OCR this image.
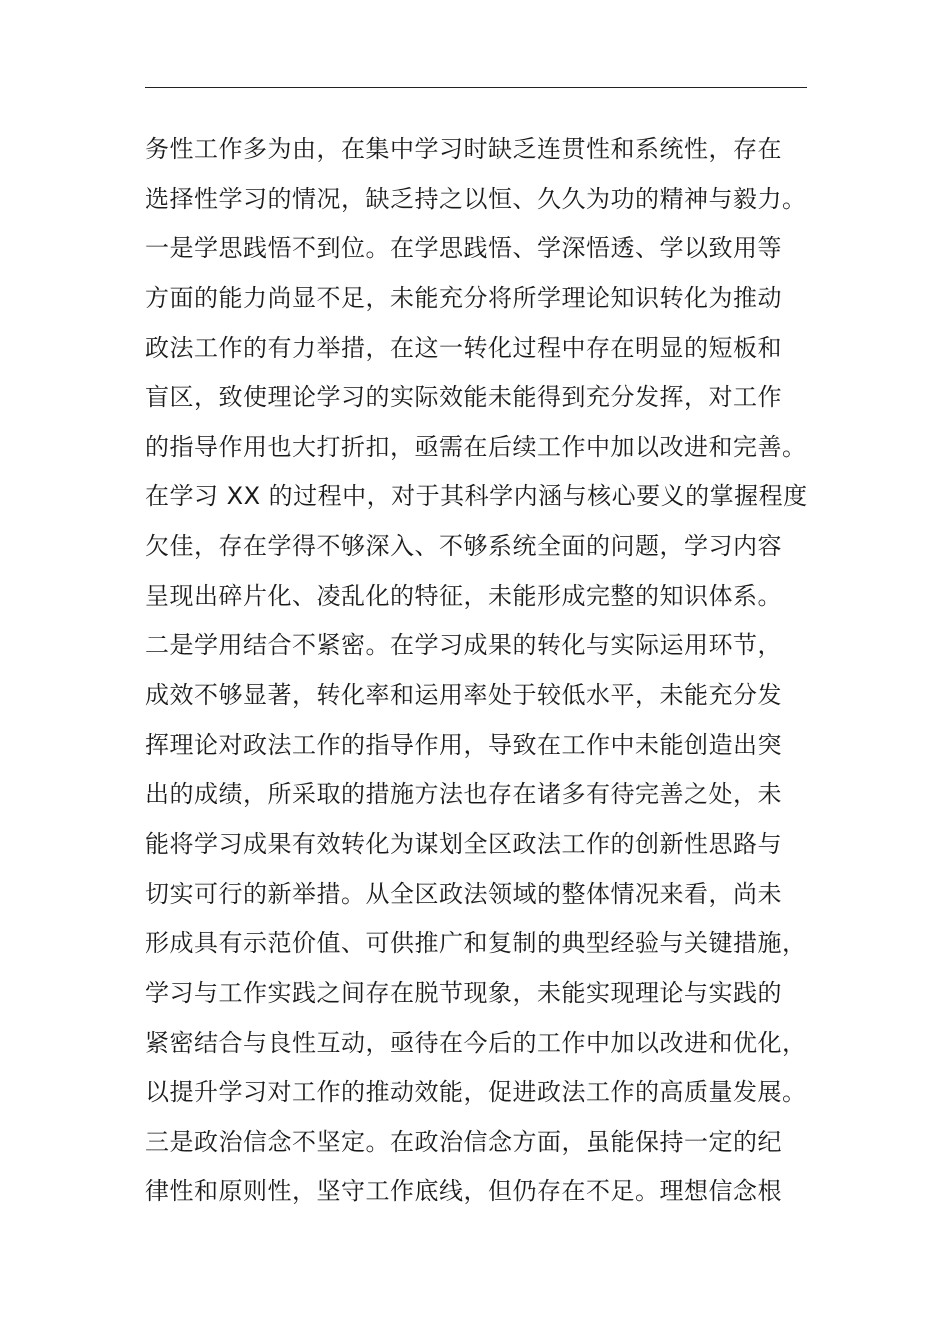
务性工作多为由，在集中学习时缺乏连贯性和系统性，存在
选择性学习的情况，缺乏持之以恒、久久为功的精神与毅力。
一是学思践悟不到位。在学思践悟、学深悟透、学以致用等
方面的能力尚显不足，未能充分将所学理论知识转化为推动
政法工作的有力举措，在这一转化过程中存在明显的短板和
盲区，致使理论学习的实际效能未能得到充分发挥，对工作
的指导作用也大打折扣，亟需在后续工作中加以改进和完善。
在学习 XX 的过程中，对于其科学内涵与核心要义的掌握程度
欠佳，存在学得不够深入、不够系统全面的问题，学习内容
呈现出碎片化、凌乱化的特征，未能形成完整的知识体系。
二是学用结合不紧密。在学习成果的转化与实际运用环节，
成效不够显著，转化率和运用率处于较低水平，未能充分发
挥理论对政法工作的指导作用，导致在工作中未能创造出突
出的成绩，所采取的措施方法也存在诸多有待完善之处，未
能将学习成果有效转化为谋划全区政法工作的创新性思路与
切实可行的新举措。从全区政法领域的整体情况来看，尚未
形成具有示范价值、可供推广和复制的典型经验与关键措施，
学习与工作实践之间存在脱节现象，未能实现理论与实践的
紧密结合与良性互动，亟待在今后的工作中加以改进和优化，
以提升学习对工作的推动效能，促进政法工作的高质量发展。
三是政治信念不坚定。在政治信念方面，虽能保持一定的纪
律性和原则性，坚守工作底线，但仍存在不足。理想信念根
